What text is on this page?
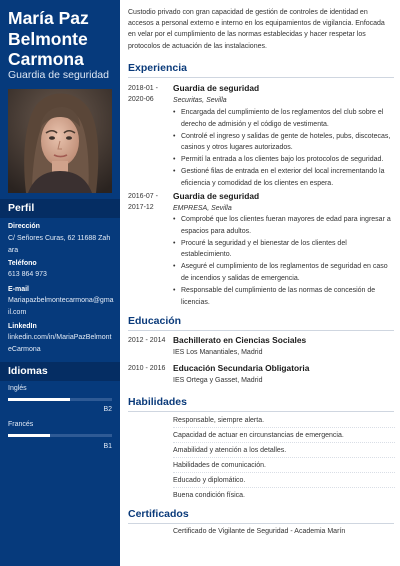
María Paz Belmonte Carmona
Guardia de seguridad
Perfil
Dirección
C/ Señores Curas, 62 11688 Zahara
Teléfono
613 864 973
E-mail
Mariapazbelmontecarmona@gmail.com
LinkedIn
linkedin.com/in/MariaPazBelmonteCarmona
Idiomas
Inglés
B2
Francés
B1
Custodio privado con gran capacidad de gestión de controles de identidad en accesos a personal externo e interno en los equipamientos de vigilancia. Enfocada en velar por el cumplimiento de las normas establecidas y hacer respetar los protocolos de actuación de las instalaciones.
Experiencia
2018-01 - 2020-06
Guardia de seguridad
Securitas, Sevilla
• Encargada del cumplimiento de los reglamentos del club sobre el derecho de admisión y el código de vestimenta.
• Controlé el ingreso y salidas de gente de hoteles, pubs, discotecas, casinos y otros lugares autorizados.
• Permití la entrada a los clientes bajo los protocolos de seguridad.
• Gestioné filas de entrada en el exterior del local incrementando la eficiencia y comodidad de los clientes en espera.
2016-07 - 2017-12
Guardia de seguridad
EMPRESA, Sevilla
• Comprobé que los clientes fueran mayores de edad para ingresar a espacios para adultos.
• Procuré la seguridad y el bienestar de los clientes del establecimiento.
• Aseguré el cumplimiento de los reglamentos de seguridad en caso de incendios y salidas de emergencia.
• Responsable del cumplimiento de las normas de concesión de licencias.
Educación
2012 - 2014 Bachillerato en Ciencias Sociales
IES Los Manantiales, Madrid
2010 - 2016 Educación Secundaria Obligatoria
IES Ortega y Gasset, Madrid
Habilidades
Responsable, siempre alerta.
Capacidad de actuar en circunstancias de emergencia.
Amabilidad y atención a los detalles.
Habilidades de comunicación.
Educado y diplomático.
Buena condición física.
Certificados
Certificado de Vigilante de Seguridad - Academia Marín
